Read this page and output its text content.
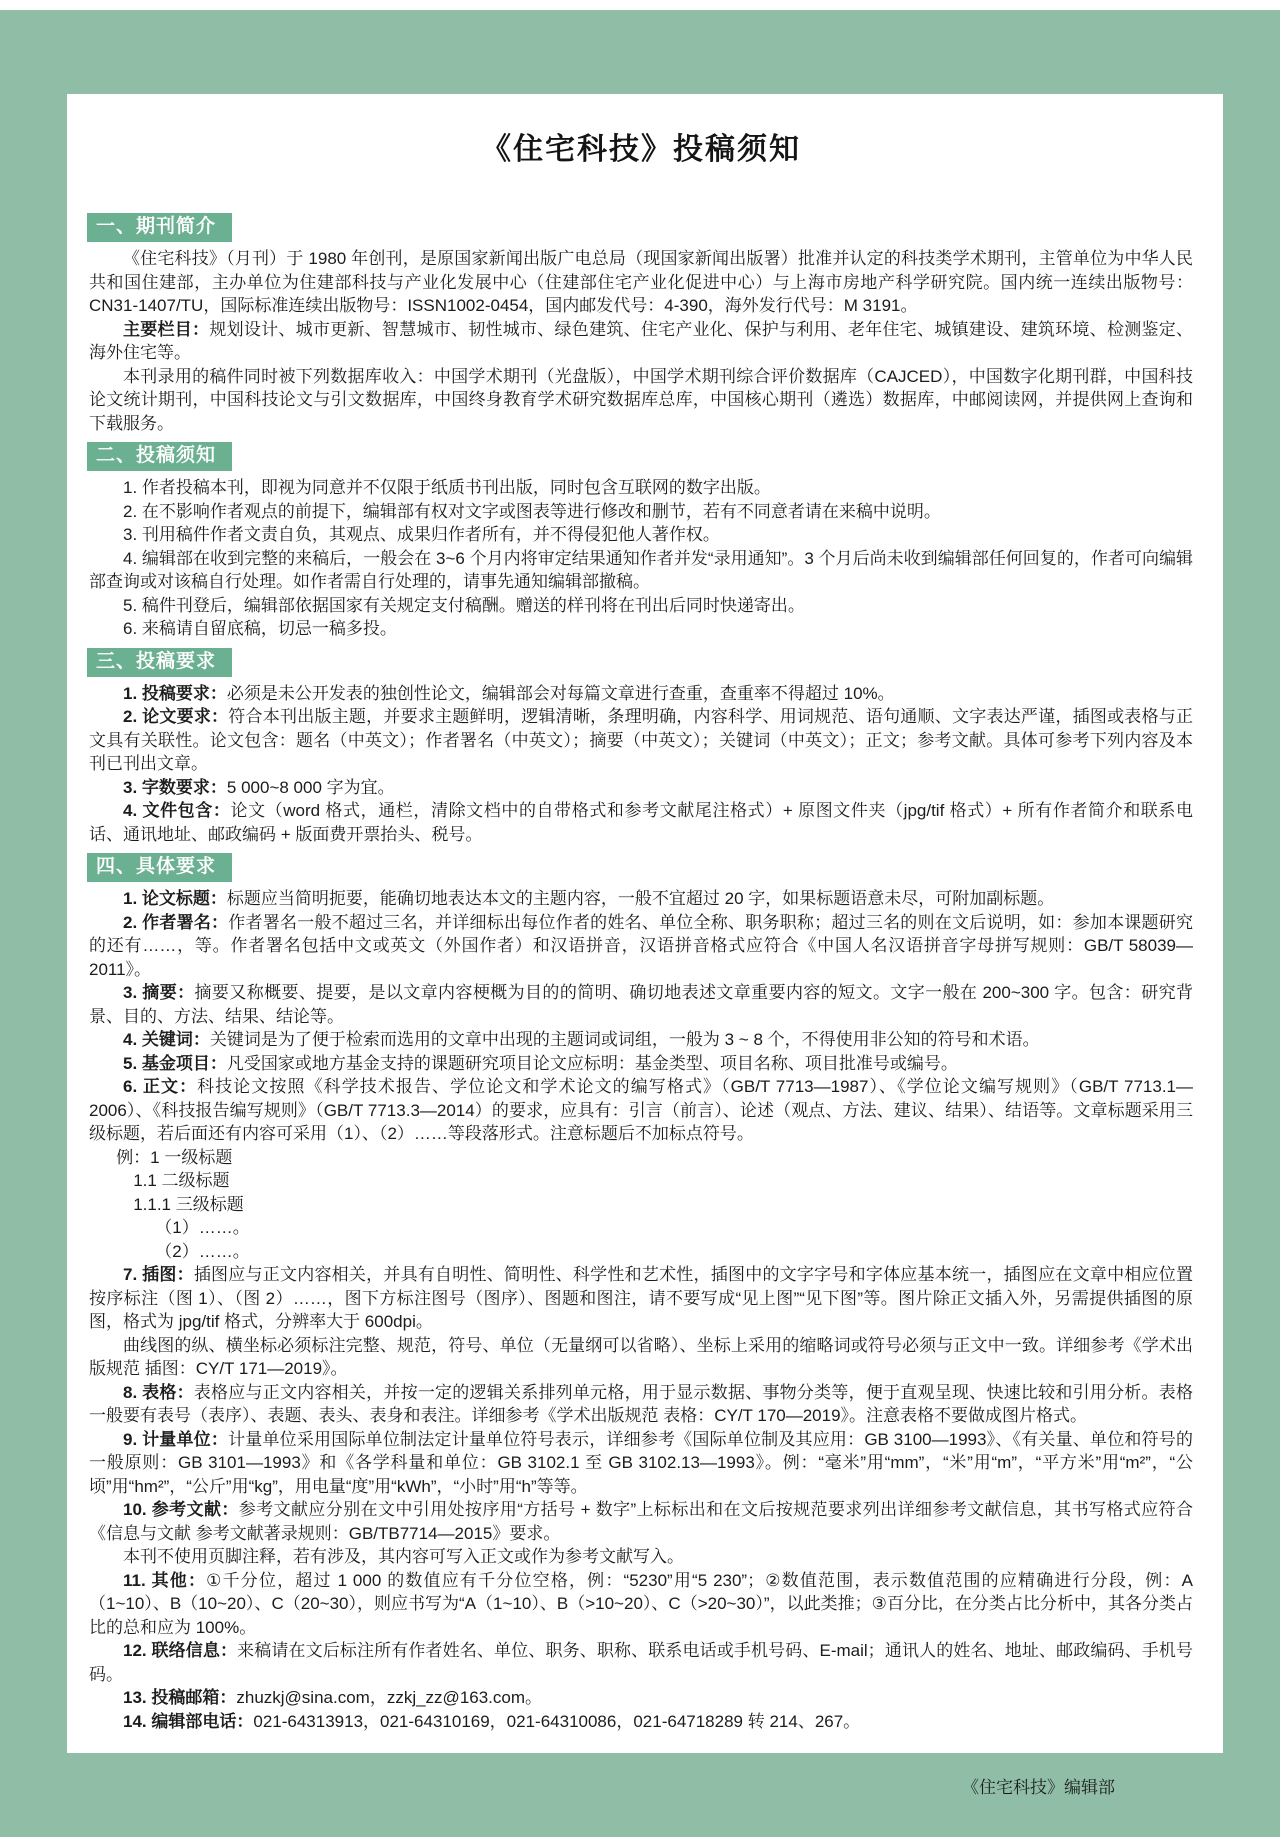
《住宅科技》投稿须知
一、期刊简介

《住宅科技》（月刊）于 1980 年创刊，是原国家新闻出版广电总局（现国家新闻出版署）批准并认定的科技类学术期刊，主管单位为中华人民共和国住建部，主办单位为住建部科技与产业化发展中心（住建部住宅产业化促进中心）与上海市房地产科学研究院。国内统一连续出版物号：CN31-1407/TU，国际标准连续出版物号：ISSN1002-0454，国内邮发代号：4-390，海外发行代号：M 3191。

主要栏目：规划设计、城市更新、智慧城市、韧性城市、绿色建筑、住宅产业化、保护与利用、老年住宅、城镇建设、建筑环境、检测鉴定、海外住宅等。

本刊录用的稿件同时被下列数据库收入：中国学术期刊（光盘版），中国学术期刊综合评价数据库（CAJCED），中国数字化期刊群，中国科技论文统计期刊，中国科技论文与引文数据库，中国终身教育学术研究数据库总库，中国核心期刊（遴选）数据库，中邮阅读网，并提供网上查询和下载服务。

二、投稿须知

1. 作者投稿本刊，即视为同意并不仅限于纸质书刊出版，同时包含互联网的数字出版。

2. 在不影响作者观点的前提下，编辑部有权对文字或图表等进行修改和删节，若有不同意者请在来稿中说明。

3. 刊用稿件作者文责自负，其观点、成果归作者所有，并不得侵犯他人著作权。

4. 编辑部在收到完整的来稿后，一般会在 3~6 个月内将审定结果通知作者并发“录用通知”。3 个月后尚未收到编辑部任何回复的，作者可向编辑部查询或对该稿自行处理。如作者需自行处理的，请事先通知编辑部撤稿。

5. 稿件刊登后，编辑部依据国家有关规定支付稿酬。赠送的样刊将在刊出后同时快递寄出。

6. 来稿请自留底稿，切忌一稿多投。

三、投稿要求

1. 投稿要求：必须是未公开发表的独创性论文，编辑部会对每篇文章进行查重，查重率不得超过 10%。

2. 论文要求：符合本刊出版主题，并要求主题鲜明，逻辑清晰，条理明确，内容科学、用词规范、语句通顺、文字表达严谨，插图或表格与正文具有关联性。论文包含：题名（中英文）；作者署名（中英文）；摘要（中英文）；关键词（中英文）；正文；参考文献。具体可参考下列内容及本刊已刊出文章。

3. 字数要求：5 000~8 000 字为宜。

4. 文件包含：论文（word 格式，通栏，清除文档中的自带格式和参考文献尾注格式）+ 原图文件夹（jpg/tif 格式）+ 所有作者简介和联系电话、通讯地址、邮政编码 + 版面费开票抬头、税号。

四、具体要求

1. 论文标题：标题应当简明扼要，能确切地表达本文的主题内容，一般不宜超过 20 字，如果标题语意未尽，可附加副标题。

2. 作者署名：作者署名一般不超过三名，并详细标出每位作者的姓名、单位全称、职务职称；超过三名的则在文后说明，如：参加本课题研究的还有……，等。作者署名包括中文或英文（外国作者）和汉语拼音，汉语拼音格式应符合《中国人名汉语拼音字母拼写规则：GB/T 58039—2011》。

3. 摘要：摘要又称概要、提要，是以文章内容梗概为目的的简明、确切地表述文章重要内容的短文。文字一般在 200~300 字。包含：研究背景、目的、方法、结果、结论等。

4. 关键词：关键词是为了便于检索而选用的文章中出现的主题词或词组，一般为 3 ~ 8 个，不得使用非公知的符号和术语。

5. 基金项目：凡受国家或地方基金支持的课题研究项目论文应标明：基金类型、项目名称、项目批准号或编号。

6. 正文：科技论文按照《科学技术报告、学位论文和学术论文的编写格式》（GB/T 7713—1987）、《学位论文编写规则》（GB/T 7713.1—2006）、《科技报告编写规则》（GB/T 7713.3—2014）的要求，应具有：引言（前言）、论述（观点、方法、建议、结果）、结语等。文章标题采用三级标题，若后面还有内容可采用（1）、（2）……等段落形式。注意标题后不加标点符号。

例：1 一级标题

1.1 二级标题

1.1.1 三级标题

（1）……。

（2）……。

7. 插图：插图应与正文内容相关，并具有自明性、简明性、科学性和艺术性，插图中的文字字号和字体应基本统一，插图应在文章中相应位置按序标注（图 1）、（图 2）……，图下方标注图号（图序）、图题和图注，请不要写成“见上图”“见下图”等。图片除正文插入外，另需提供插图的原图，格式为 jpg/tif 格式，分辨率大于 600dpi。

曲线图的纵、横坐标必须标注完整、规范，符号、单位（无量纲可以省略）、坐标上采用的缩略词或符号必须与正文中一致。详细参考《学术出版规范 插图：CY/T 171—2019》。

8. 表格：表格应与正文内容相关，并按一定的逻辑关系排列单元格，用于显示数据、事物分类等，便于直观呈现、快速比较和引用分析。表格一般要有表号（表序）、表题、表头、表身和表注。详细参考《学术出版规范 表格：CY/T 170—2019》。注意表格不要做成图片格式。

9. 计量单位：计量单位采用国际单位制法定计量单位符号表示，详细参考《国际单位制及其应用：GB 3100—1993》、《有关量、单位和符号的一般原则：GB 3101—1993》和《各学科量和单位：GB 3102.1 至 GB 3102.13—1993》。例：“毫米”用“mm”，“米”用“m”，“平方米”用“m²”，“公顷”用“hm²”，“公斤”用“kg”，用电量“度”用“kWh”，“小时”用“h”等等。

10. 参考文献：参考文献应分别在文中引用处按序用“方括号 + 数字”上标标出和在文后按规范要求列出详细参考文献信息，其书写格式应符合《信息与文献 参考文献著录规则：GB/TB7714—2015》要求。

本刊不使用页脚注释，若有涉及，其内容可写入正文或作为参考文献写入。

11. 其他：①千分位，超过 1 000 的数值应有千分位空格，例：“5230”用“5 230”；②数值范围，表示数值范围的应精确进行分段，例：A（1~10）、B（10~20）、C（20~30），则应书写为“A（1~10）、B（>10~20）、C（>20~30）”，以此类推；③百分比，在分类占比分析中，其各分类占比的总和应为 100%。

12. 联络信息：来稿请在文后标注所有作者姓名、单位、职务、职称、联系电话或手机号码、E-mail；通讯人的姓名、地址、邮政编码、手机号码。

13. 投稿邮箱：zhuzkj@sina.com，zzkj_zz@163.com。

14. 编辑部电话：021-64313913，021-64310169，021-64310086，021-64718289 转 214、267。

《住宅科技》编辑部
